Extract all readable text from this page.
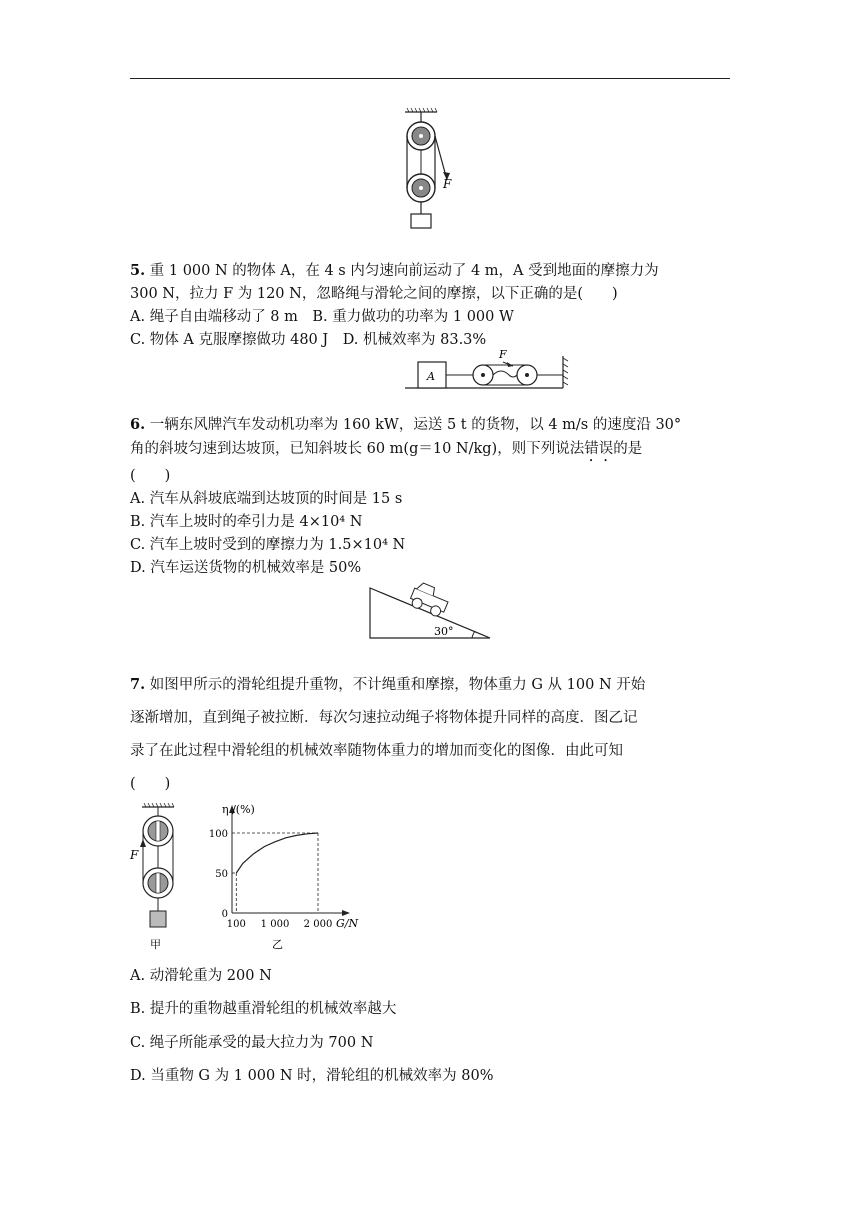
F
5. 重 1 000 N 的物体 A，在 4 s 内匀速向前运动了 4 m，A 受到地面的摩擦力为
300 N，拉力 F 为 120 N，忽略绳与滑轮之间的摩擦，以下正确的是(　　)
A. 绳子自由端移动了 8 m　B. 重力做功的功率为 1 000 W
C. 物体 A 克服摩擦做功 480 J　D. 机械效率为 83.3%
A
F
6. 一辆东风牌汽车发动机功率为 160 kW，运送 5 t 的货物，以 4 m/s 的速度沿 30°
角的斜坡匀速到达坡顶，已知斜坡长 60 m(g＝10 N/kg)，则下列说法错误的是
(　　)
A. 汽车从斜坡底端到达坡顶的时间是 15 s
B. 汽车上坡时的牵引力是 4×10⁴ N
C. 汽车上坡时受到的摩擦力为 1.5×10⁴ N
D. 汽车运送货物的机械效率是 50%
30°
7. 如图甲所示的滑轮组提升重物，不计绳重和摩擦，物体重力 G 从 100 N 开始
逐渐增加，直到绳子被拉断．每次匀速拉动绳子将物体提升同样的高度．图乙记
录了在此过程中滑轮组的机械效率随物体重力的增加而变化的图像．由此可知
(　　)
F
甲
η /(%)
G/N
0
50
100
100 1 000 2 000
乙
A. 动滑轮重为 200 N
B. 提升的重物越重滑轮组的机械效率越大
C. 绳子所能承受的最大拉力为 700 N
D. 当重物 G 为 1 000 N 时，滑轮组的机械效率为 80%
